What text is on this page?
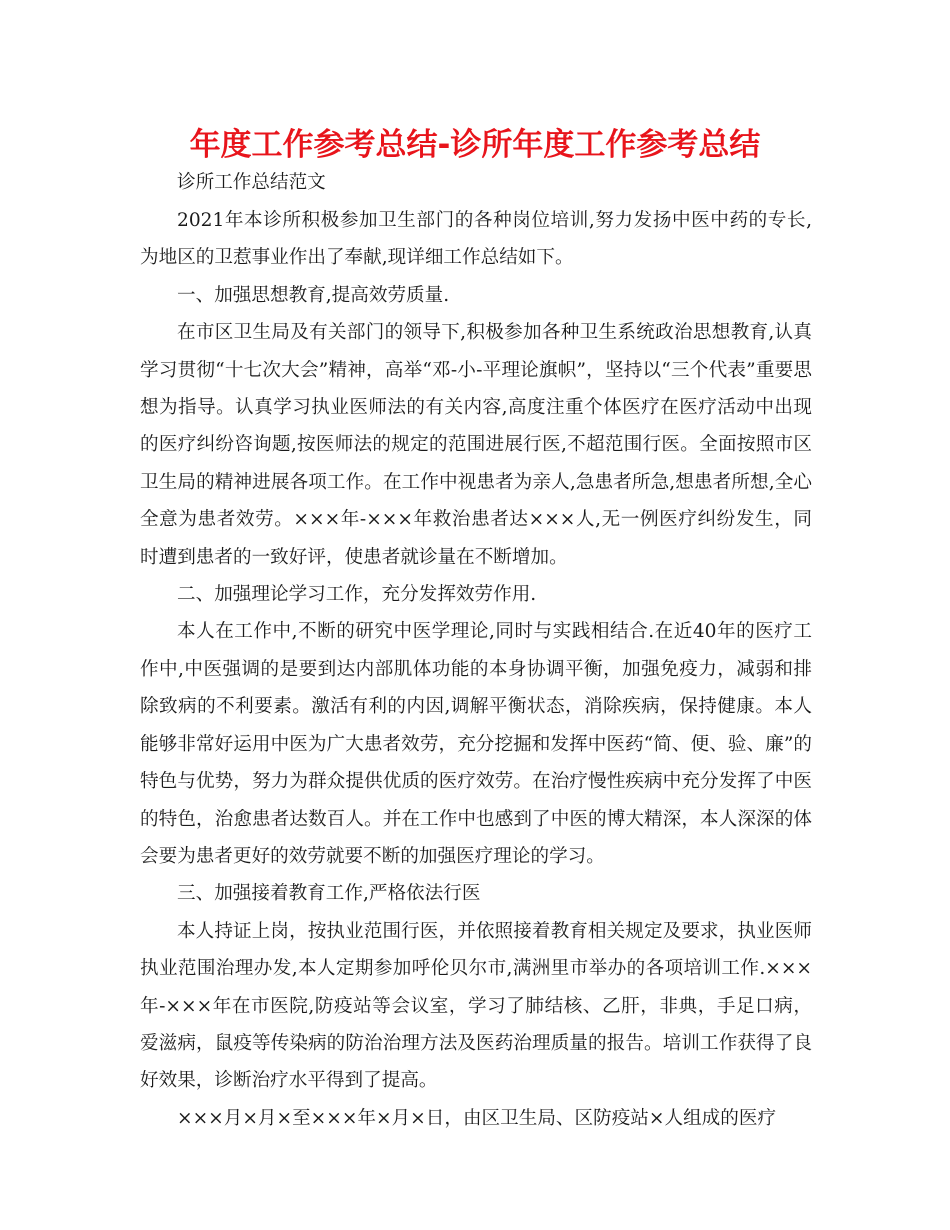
年度工作参考总结-诊所年度工作参考总结

诊所工作总结范文

2021年本诊所积极参加卫生部门的各种岗位培训,努力发扬中医中药的专长,为地区的卫惹事业作出了奉献,现详细工作总结如下。

一、加强思想教育,提高效劳质量.

在市区卫生局及有关部门的领导下,积极参加各种卫生系统政治思想教育,认真学习贯彻“十七次大会”精神，高举“邓-小-平理论旗帜”，坚持以“三个代表”重要思想为指导。认真学习执业医师法的有关内容,高度注重个体医疗在医疗活动中出现的医疗纠纷咨询题,按医师法的规定的范围进展行医,不超范围行医。全面按照市区卫生局的精神进展各项工作。在工作中视患者为亲人,急患者所急,想患者所想,全心全意为患者效劳。×××年-×××年救治患者达×××人,无一例医疗纠纷发生，同时遭到患者的一致好评，使患者就诊量在不断增加。

二、加强理论学习工作，充分发挥效劳作用.

本人在工作中,不断的研究中医学理论,同时与实践相结合.在近40年的医疗工作中,中医强调的是要到达内部肌体功能的本身协调平衡，加强免疫力，减弱和排除致病的不利要素。激活有利的内因,调解平衡状态，消除疾病，保持健康。本人能够非常好运用中医为广大患者效劳，充分挖掘和发挥中医药“简、便、验、廉”的特色与优势，努力为群众提供优质的医疗效劳。在治疗慢性疾病中充分发挥了中医的特色，治愈患者达数百人。并在工作中也感到了中医的博大精深，本人深深的体会要为患者更好的效劳就要不断的加强医疗理论的学习。

三、加强接着教育工作,严格依法行医

本人持证上岗，按执业范围行医，并依照接着教育相关规定及要求，执业医师执业范围治理办发,本人定期参加呼伦贝尔市,满洲里市举办的各项培训工作.×××年-×××年在市医院,防疫站等会议室，学习了肺结核、乙肝，非典，手足口病，爱滋病，鼠疫等传染病的防治治理方法及医药治理质量的报告。培训工作获得了良好效果，诊断治疗水平得到了提高。

×××月×月×至×××年×月×日，由区卫生局、区防疫站×人组成的医疗
